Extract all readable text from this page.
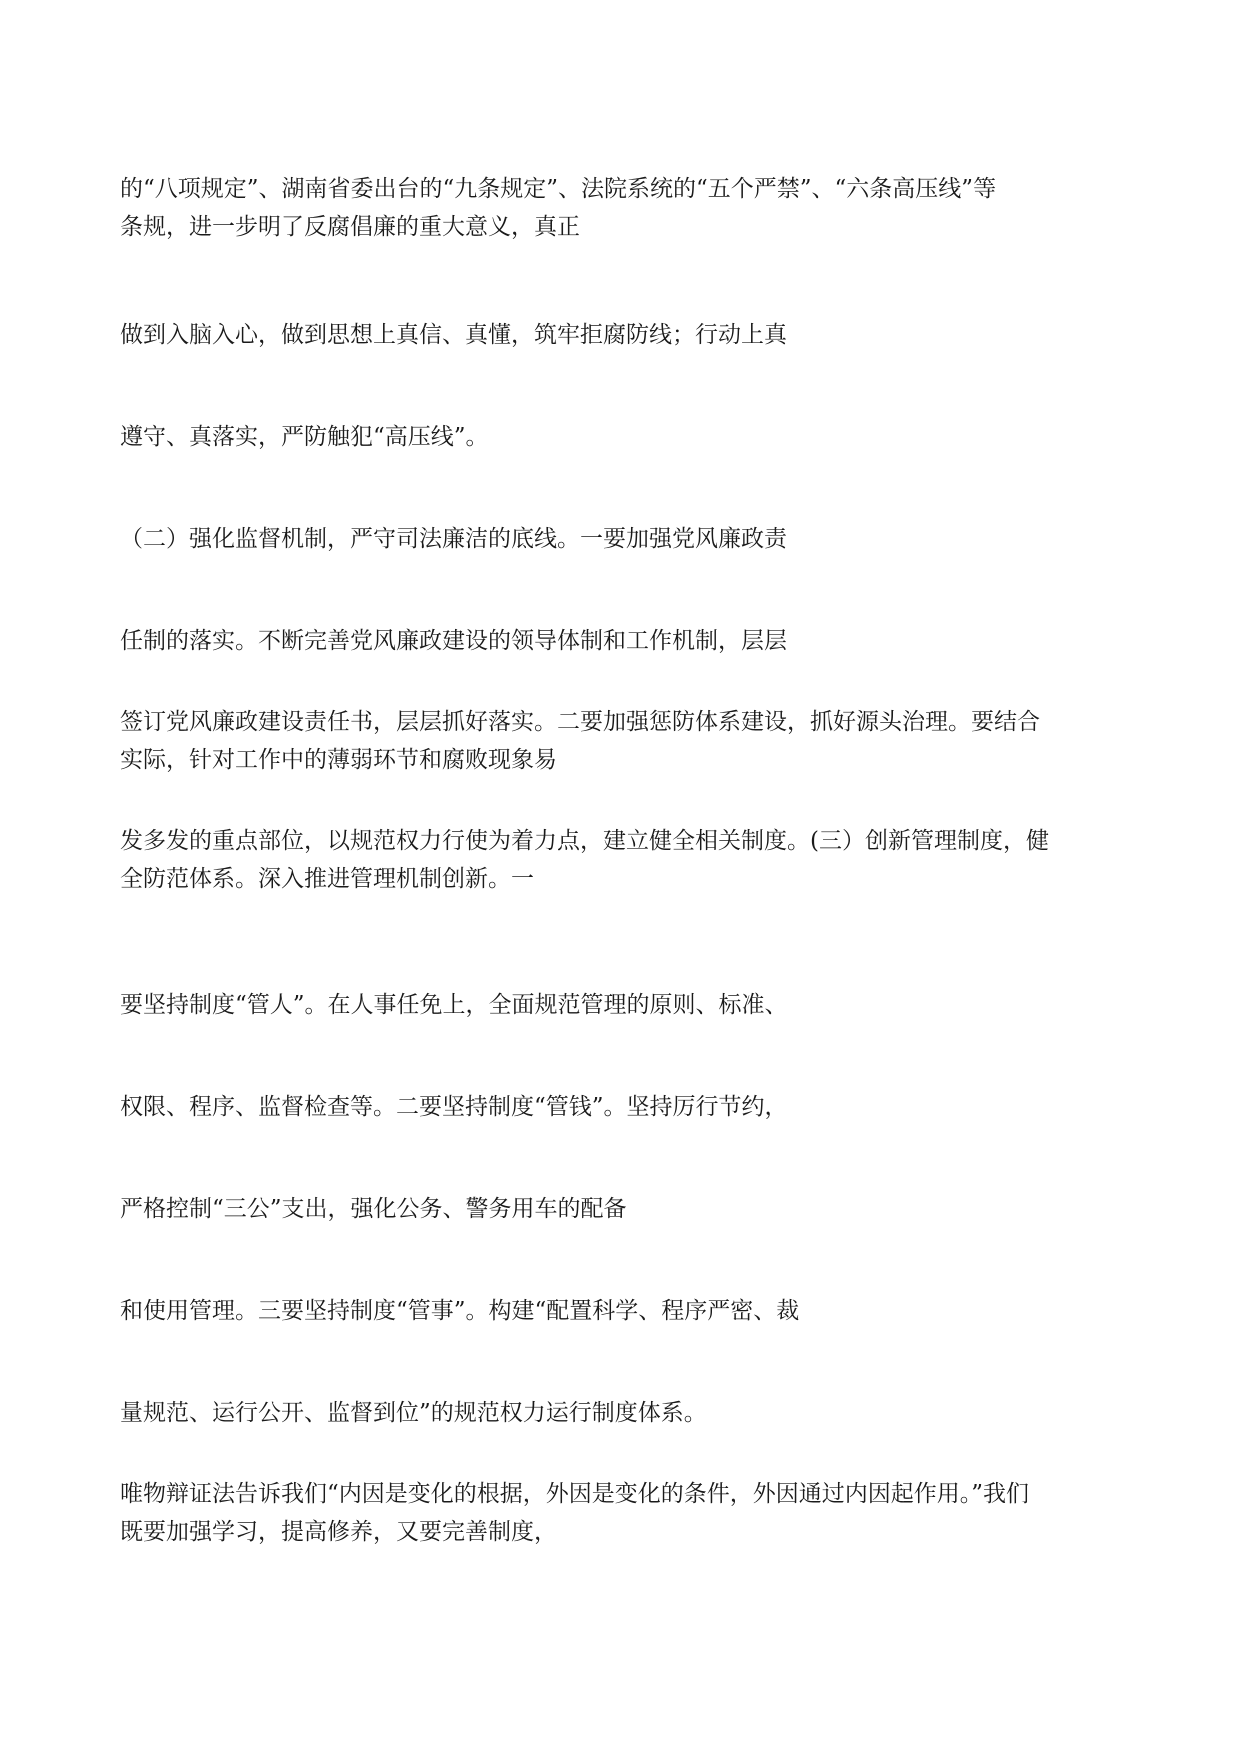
的“八项规定”、湖南省委出台的“九条规定”、法院系统的“五个严禁”、“六条高压线”等
条规，进一步明了反腐倡廉的重大意义，真正

做到入脑入心，做到思想上真信、真懂，筑牢拒腐防线；行动上真

遵守、真落实，严防触犯“高压线”。

（二）强化监督机制，严守司法廉洁的底线。一要加强党风廉政责

任制的落实。不断完善党风廉政建设的领导体制和工作机制，层层

签订党风廉政建设责任书，层层抓好落实。二要加强惩防体系建设，抓好源头治理。要结合
实际，针对工作中的薄弱环节和腐败现象易

发多发的重点部位，以规范权力行使为着力点，建立健全相关制度。(三）创新管理制度，健
全防范体系。深入推进管理机制创新。一

要坚持制度“管人”。在人事任免上，全面规范管理的原则、标准、

权限、程序、监督检查等。二要坚持制度“管钱”。坚持厉行节约，

严格控制“三公”支出，强化公务、警务用车的配备

和使用管理。三要坚持制度“管事”。构建“配置科学、程序严密、裁

量规范、运行公开、监督到位”的规范权力运行制度体系。

唯物辩证法告诉我们“内因是变化的根据，外因是变化的条件，外因通过内因起作用。”我们
既要加强学习，提高修养，又要完善制度，
